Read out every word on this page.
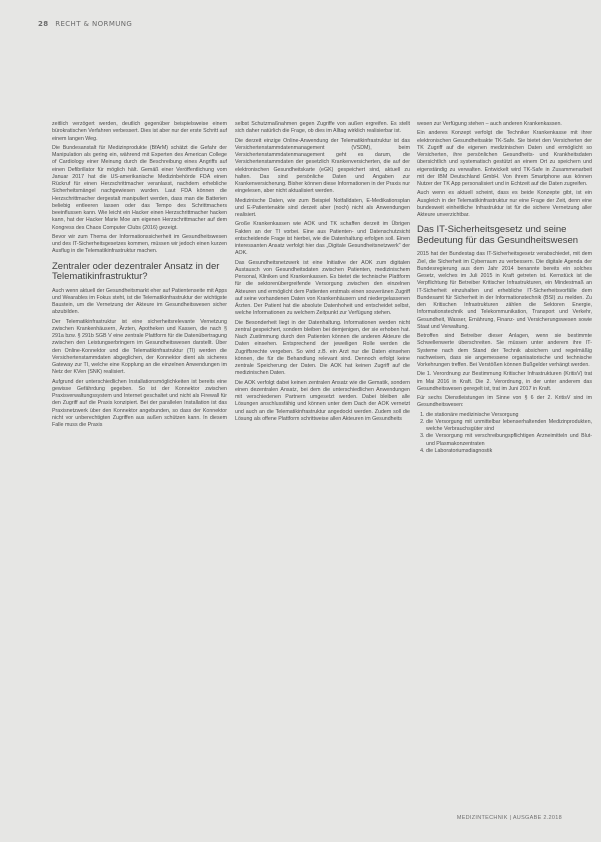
28 RECHT & NORMUNG

zeitlich verzögert werden, deutlich gegenüber beispielsweise einem bürokratischen Verfahren verbessert. Dies ist aber nur der erste Schritt auf einem langen Weg.

Die Bundesanstalt für Medizinprodukte (BfArM) schätzt die Gefahr der Manipulation als gering ein, während mit Experten des American College of Cardiology einer Meinung durch die Beschreibung eines Angriffs auf einen Defibrillator für möglich hält. Gemäß einer Veröffentlichung vom Januar 2017 hat die US-amerikanische Medizinbehörde FDA einen Rückruf für einen Herzschrittmacher veranlasst, nachdem erhebliche Sicherheitsmängel nachgewiesen wurden. Laut FDA können die Herzschrittmacher dergestalt manipuliert werden, dass man die Batterien beliebig entleeren lassen oder das Tempo des Schrittmachers beeinflussen kann. Wie leicht ein Hacker einen Herzschrittmacher hacken kann, hat der Hacker Marie Moe am eigenen Herzschrittmacher auf dem Kongress des Chaos Computer Clubs (2016) gezeigt.

Bevor wir zum Thema der Informationssicherheit im Gesundheitswesen und des IT-Sicherheitsgesetzes kommen, müssen wir jedoch einen kurzen Ausflug in die Telematikinfrastruktur machen.

Zentraler oder dezentraler Ansatz in der Telematikinfrastruktur?

Auch wenn aktuell der Gesundheitsmarkt eher auf Patientenseite mit Apps und Wearables im Fokus steht, ist die Telematikinfrastruktur der wichtigste Baustein, um die Vernetzung der Akteure im Gesundheitswesen sicher abzubilden.

Der Telematikinfrastruktur ist eine sicherheitsrelevante Vernetzung zwischen Krankenhäusern, Ärzten, Apotheken und Kassen, die nach § 291a bzw. § 291b SGB V eine zentrale Plattform für die Datenübertragung zwischen den Leistungserbringern im Gesundheitswesen darstellt. Über den Online-Konnektor und die Telematikinfrastruktur (TI) werden die Versichertenstammdaten abgeglichen, der Konnektor dient als sicheres Gateway zur TI, welche eine Kopplung an die einzelnen Anwendungen im Netz der KVen (SNK) realisiert.

Aufgrund der unterschiedlichen Installationsmöglichkeiten ist bereits eine gewisse Gefährdung gegeben. So ist der Konnektor zwischen Praxisverwaltungssystem und Internet geschaltet und nicht als Firewall für den Zugriff auf die Praxis konzipiert. Bei der parallelen Installation ist das Praxisnetzwerk über den Konnektor angebunden, so dass der Konnektor nicht vor unberechtigten Zugriffen aus außen schützen kann. In diesem Falle muss die Praxis

selbst Schutzmaßnahmen gegen Zugriffe von außen ergreifen. Es stellt sich daher natürlich die Frage, ob dies im Alltag wirklich realisierbar ist.

Die derzeit einzige Online-Anwendung der Telematikinfrastruktur ist das Versichertenstammdatenmanagement (VSDM), beim Versichertenstammdatenmanagement geht es darum, die Versichertenstammdaten der gesetzlich Krankenversicherten, die auf der elektronischen Gesundheitskarte (eGK) gespeichert sind, aktuell zu halten. Das sind persönliche Daten und Angaben zur Krankenversicherung. Bisher können diese Informationen in der Praxis nur eingelesen, aber nicht aktualisiert werden.

Medizinische Daten, wie zum Beispiel Notfalldaten, E-Medikationsplan und E-Patientenakte sind derzeit aber (noch) nicht als Anwendungen realisiert.

Große Krankenkassen wie AOK und TK schaffen derzeit im Übrigen Fakten an der TI vorbei. Eine aus Patienten- und Datenschutzsicht entscheidende Frage ist hierbei, wie die Datenhaltung erfolgen soll. Einen interessanten Ansatz verfolgt hier das „Digitale Gesundheitsnetzwerk" der AOK.

Das Gesundheitsnetzwerk ist eine Initiative der AOK zum digitalen Austausch von Gesundheitsdaten zwischen Patienten, medizinischem Personal, Kliniken und Krankenkassen. Es bietet die technische Plattform für die sektorenübergreifende Versorgung zwischen den einzelnen Akteuren und ermöglicht dem Patienten erstmals einen souveränen Zugriff auf seine vorhandenen Daten von Krankenhäusern und niedergelassenen Ärzten. Der Patient hat die absolute Datenhoheit und entscheidet selbst, welche Informationen zu welchem Zeitpunkt zur Verfügung stehen.

Die Besonderheit liegt in der Datenhaltung. Informationen werden nicht zentral gespeichert, sondern bleiben bei demjenigen, der sie erhoben hat. Nach Zustimmung durch den Patienten können die anderen Akteure die Daten einsehen. Entsprechend der jeweiligen Rolle werden die Zugriffsrechte vergeben. So wird z.B. ein Arzt nur die Daten einsehen können, die für die Behandlung relevant sind. Dennoch erfolgt keine zentrale Speicherung der Daten. Die AOK hat keinen Zugriff auf die medizinischen Daten.

Die AOK verfolgt dabei keinen zentralen Ansatz wie die Gematik, sondern einen dezentralen Ansatz, bei dem die unterschiedlichen Anwendungen mit verschiedenen Partnern umgesetzt werden. Dabei bleiben alle Lösungen anschlussfähig und können unter dem Dach der AOK vernetzt und auch an die Telematikinfrastruktur angedockt werden. Zudem soll die Lösung als offene Plattform schrittweise allen Akteuren im Gesundheits

wesen zur Verfügung stehen – auch anderen Krankenkassen.

Ein anderes Konzept verfolgt die Techniker Krankenkasse mit ihrer elektronischen Gesundheitsakte TK-Safe. Sie bietet den Versicherten der TK Zugriff auf die eigenen medizinischen Daten und ermöglicht so Versicherten, ihre persönlichen Gesundheits- und Krankheitsdaten übersichtlich und systematisch gestützt an einem Ort zu speichern und eigenständig zu verwalten. Entwickelt wird TK-Safe in Zusammenarbeit mit der IBM Deutschland GmbH. Von ihrem Smartphone aus können Nutzer der TK App personalisiert und in Echtzeit auf die Daten zugreifen.

Auch wenn es aktuell scheint, dass es beide Konzepte gibt, ist ein Ausgleich in der Telematikinfrastruktur nur eine Frage der Zeit, denn eine bundesweit einheitliche Infrastruktur ist für die sichere Vernetzung aller Akteure unverzichtbar.

Das IT-Sicherheitsgesetz und seine Bedeutung für das Gesundheitswesen

2015 hat der Bundestag das IT-Sicherheitsgesetz verabschiedet, mit dem Ziel, die Sicherheit im Cyberraum zu verbessern. Die digitale Agenda der Bundesregierung aus dem Jahr 2014 benannte bereits ein solches Gesetz, welches im Juli 2015 in Kraft getreten ist. Kernstück ist die Verpflichtung für Betreiber Kritischer Infrastrukturen, ein Mindestmaß an IT-Sicherheit einzuhalten und erhebliche IT-Sicherheitsvorfälle dem Bundesamt für Sicherheit in der Informationstechnik (BSI) zu melden. Zu den Kritischen Infrastrukturen zählen die Sektoren Energie, Informationstechnik und Telekommunikation, Transport und Verkehr, Gesundheit, Wasser, Ernährung, Finanz- und Versicherungswesen sowie Staat und Verwaltung.

Betroffen sind Betreiber dieser Anlagen, wenn sie bestimmte Schwellenwerte überschreiten. Sie müssen unter anderem ihre IT-Systeme nach dem Stand der Technik absichern und regelmäßig nachweisen, dass sie angemessene organisatorische und technische Vorkehrungen treffen. Bei Verstößen können Bußgelder verhängt werden.

Die 1. Verordnung zur Bestimmung Kritischer Infrastrukturen (KritisV) trat im Mai 2016 in Kraft. Die 2. Verordnung, in der unter anderem das Gesundheitswesen geregelt ist, trat im Juni 2017 in Kraft.

Für sechs Dienstleistungen im Sinne von § 6 der 2. KritisV sind im Gesundheitswesen:

1. die stationäre medizinische Versorgung
2. die Versorgung mit unmittelbar lebenserhaltenden Medizinprodukten, welche Verbrauchsgüter sind
3. die Versorgung mit verschreibungspflichtigen Arzneimitteln und Blut- und Plasmakonzentraten
4. die Laboratoriumsdiagnostik
MEDIZINTECHNIK | AUSGABE 2.2018
